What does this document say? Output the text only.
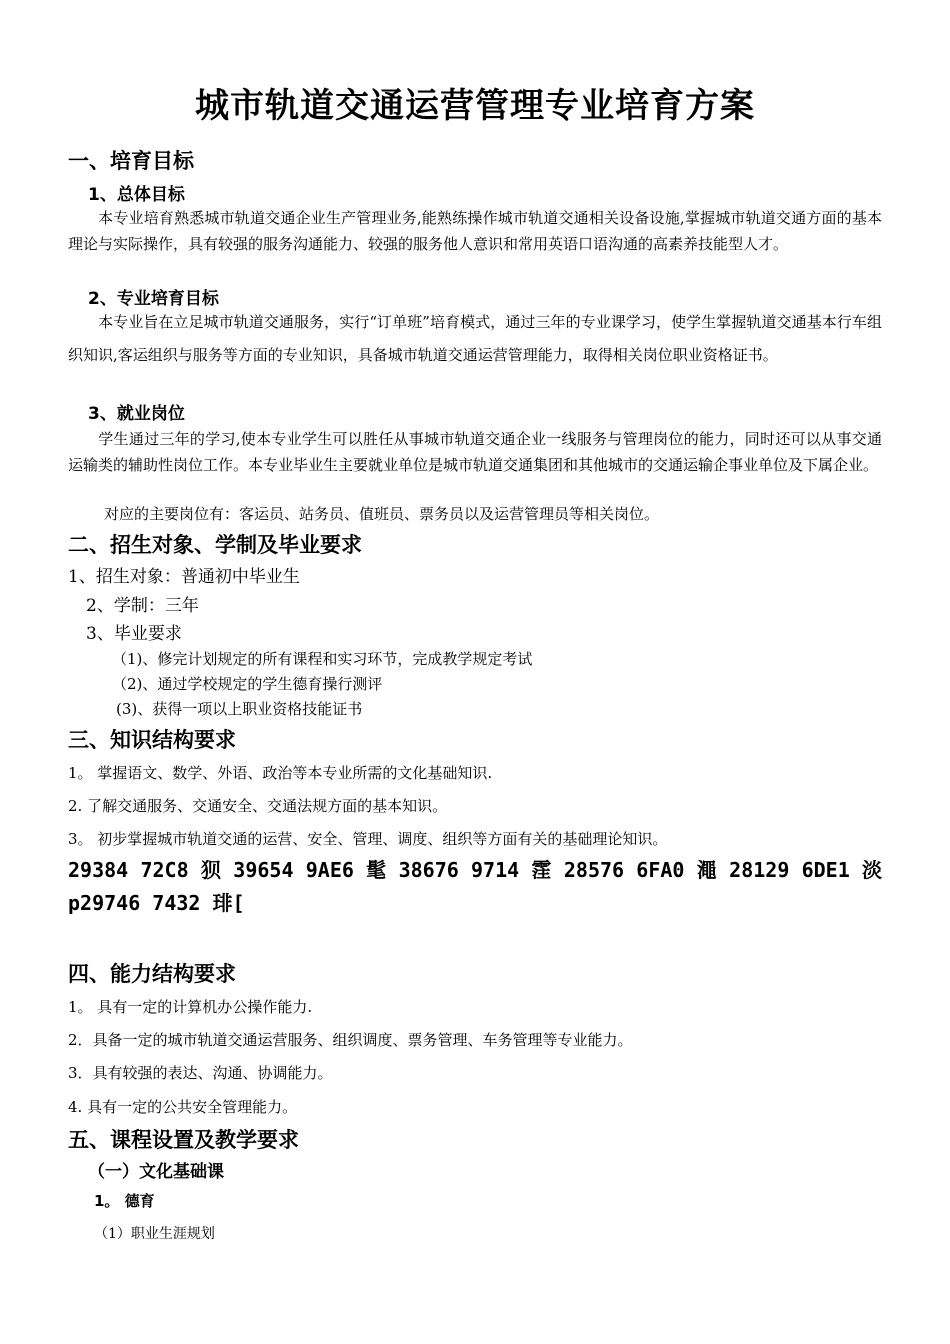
城市轨道交通运营管理专业培育方案
一、培育目标
1、总体目标
本专业培育熟悉城市轨道交通企业生产管理业务,能熟练操作城市轨道交通相关设备设施,掌握城市轨道交通方面的基本理论与实际操作，具有较强的服务沟通能力、较强的服务他人意识和常用英语口语沟通的高素养技能型人才。
2、专业培育目标
本专业旨在立足城市轨道交通服务，实行“订单班”培育模式，通过三年的专业课学习，使学生掌握轨道交通基本行车组织知识,客运组织与服务等方面的专业知识，具备城市轨道交通运营管理能力，取得相关岗位职业资格证书。
3、就业岗位
学生通过三年的学习,使本专业学生可以胜任从事城市轨道交通企业一线服务与管理岗位的能力，同时还可以从事交通运输类的辅助性岗位工作。本专业毕业生主要就业单位是城市轨道交通集团和其他城市的交通运输企事业单位及下属企业。
对应的主要岗位有：客运员、站务员、值班员、票务员以及运营管理员等相关岗位。
二、招生对象、学制及毕业要求
1、招生对象：普通初中毕业生
2、学制：三年
3、毕业要求
（1)、修完计划规定的所有课程和实习环节，完成教学规定考试
（2)、通过学校规定的学生德育操行测评
(3)、获得一项以上职业资格技能证书
三、知识结构要求
1。 掌握语文、数学、外语、政治等本专业所需的文化基础知识.
2. 了解交通服务、交通安全、交通法规方面的基本知识。
3。 初步掌握城市轨道交通的运营、安全、管理、调度、组织等方面有关的基础理论知识。
29384 72C8 狈 39654 9AE6 髦 38676 9714 霔 28576 6FA0 澠 28129 6DE1 淡 p29746 7432 琲[
四、能力结构要求
1。 具有一定的计算机办公操作能力.
2．具备一定的城市轨道交通运营服务、组织调度、票务管理、车务管理等专业能力。
3．具有较强的表达、沟通、协调能力。
4. 具有一定的公共安全管理能力。
五、课程设置及教学要求
（一）文化基础课
1。 德育
（1）职业生涯规划
